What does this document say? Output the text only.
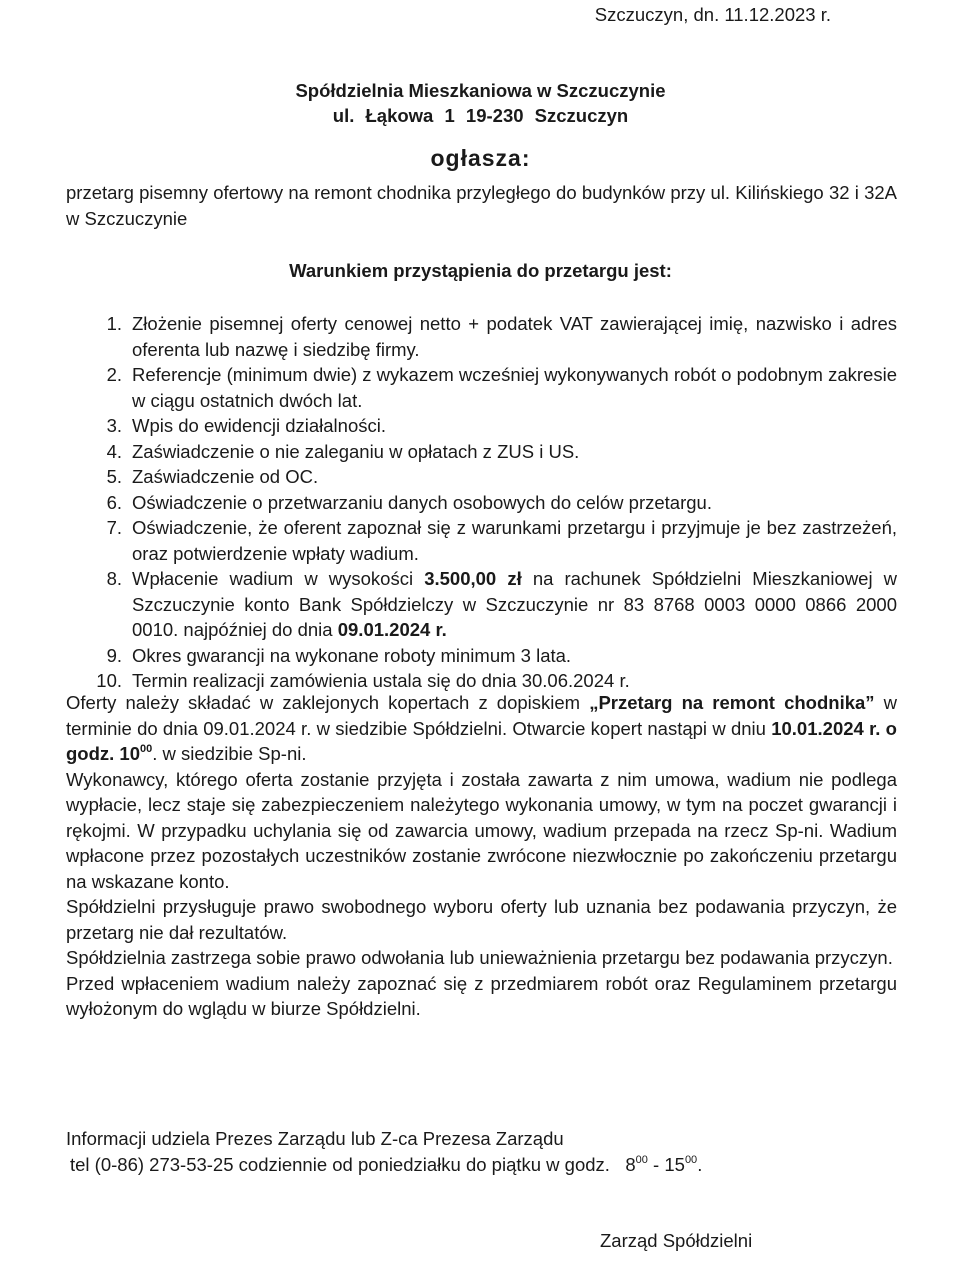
Szczuczyn, dn. 11.12.2023 r.
Spółdzielnia Mieszkaniowa w Szczuczynie
ul. Łąkowa 1 19-230 Szczuczyn
ogłasza:
przetarg pisemny ofertowy na remont chodnika przyległego do budynków przy ul. Kilińskiego 32 i 32A w Szczuczynie
Warunkiem przystąpienia do przetargu jest:
1. Złożenie pisemnej oferty cenowej netto + podatek VAT zawierającej imię, nazwisko i adres oferenta lub nazwę i siedzibę firmy.
2. Referencje (minimum dwie) z wykazem wcześniej wykonywanych robót o podobnym zakresie w ciągu ostatnich dwóch lat.
3. Wpis do ewidencji działalności.
4. Zaświadczenie o nie zaleganiu w opłatach z ZUS i US.
5. Zaświadczenie od OC.
6. Oświadczenie o przetwarzaniu danych osobowych do celów przetargu.
7. Oświadczenie, że oferent zapoznał się z warunkami przetargu i przyjmuje je bez zastrzeżeń, oraz potwierdzenie wpłaty wadium.
8. Wpłacenie wadium w wysokości 3.500,00 zł na rachunek Spółdzielni Mieszkaniowej w Szczuczynie konto Bank Spółdzielczy w Szczuczynie nr 83 8768 0003 0000 0866 2000 0010. najpóźniej do dnia 09.01.2024 r.
9. Okres gwarancji na wykonane roboty minimum 3 lata.
10. Termin realizacji zamówienia ustala się do dnia 30.06.2024 r.

Oferty należy składać w zaklejonych kopertach z dopiskiem „Przetarg na remont chodnika” w terminie do dnia 09.01.2024 r. w siedzibie Spółdzielni. Otwarcie kopert nastąpi w dniu 10.01.2024 r. o godz. $10^{00}$. w siedzibie Sp-ni.

Wykonawcy, którego oferta zostanie przyjęta i została zawarta z nim umowa, wadium nie podlega wypłacie, lecz staje się zabezpieczeniem należytego wykonania umowy, w tym na poczet gwarancji i rękojmi. W przypadku uchylania się od zawarcia umowy, wadium przepada na rzecz Sp-ni. Wadium wpłacone przez pozostałych uczestników zostanie zwrócone niezwłocznie po zakończeniu przetargu na wskazane konto.

Spółdzielni przysługuje prawo swobodnego wyboru oferty lub uznania bez podawania przyczyn, że przetarg nie dał rezultatów.

Spółdzielnia zastrzega sobie prawo odwołania lub unieważnienia przetargu bez podawania przyczyn.

Przed wpłaceniem wadium należy zapoznać się z przedmiarem robót oraz Regulaminem przetargu wyłożonym do wglądu w biurze Spółdzielni.

Informacji udziela Prezes Zarządu lub Z-ca Prezesa Zarządu
tel (0-86) 273-53-25 codziennie od poniedziałku do piątku w godz. $8^{00} - 15^{00}$.
Zarząd Spółdzielni
